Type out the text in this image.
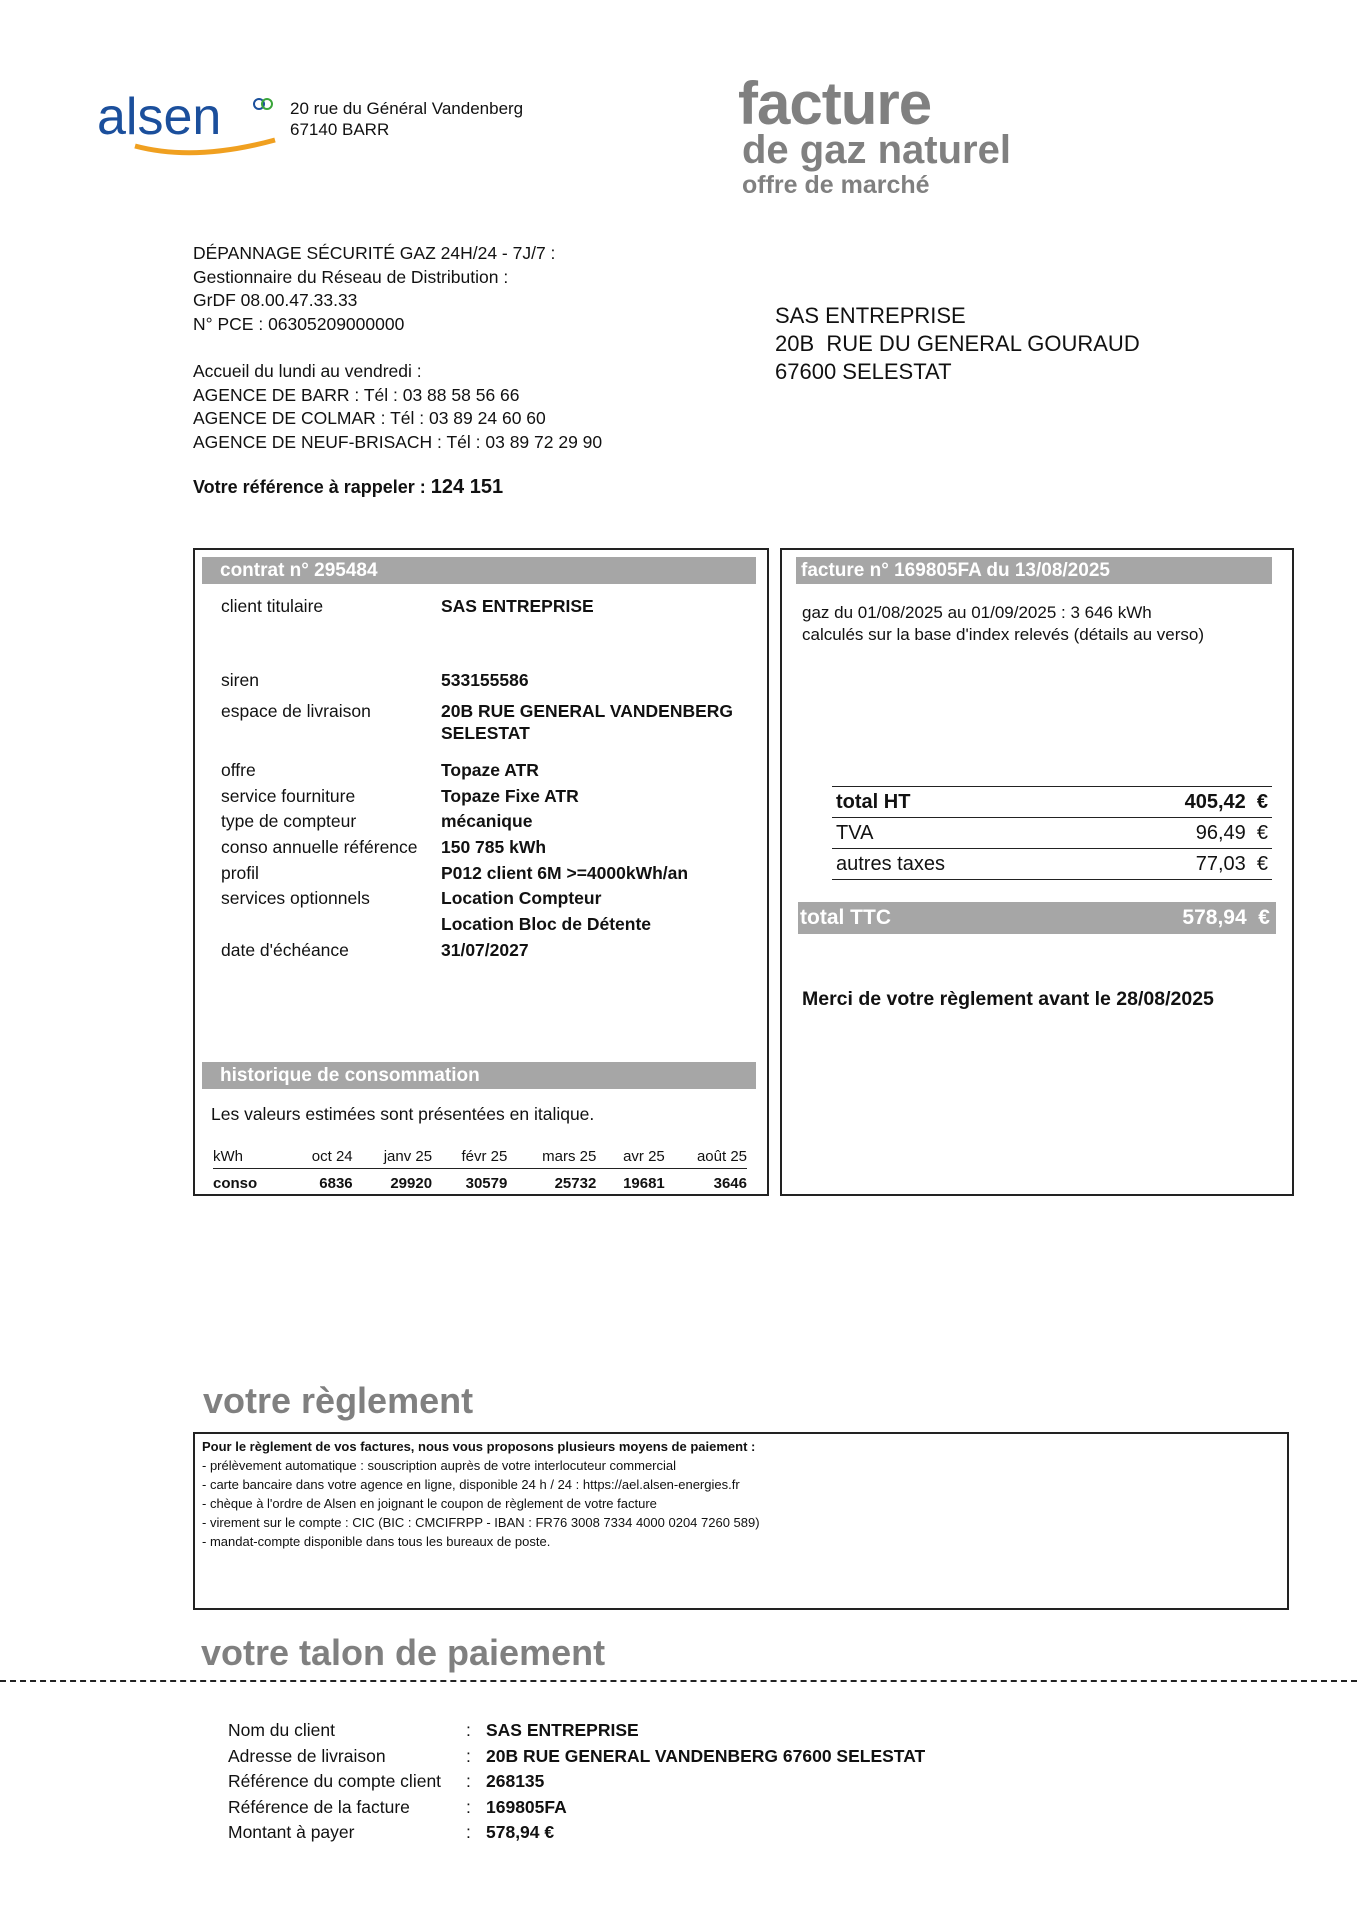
alsen	20 rue du Général Vandenberg
67140 BARR	facture
de gaz naturel
offre de marché
DÉPANNAGE SÉCURITÉ GAZ 24H/24 - 7J/7 :
Gestionnaire du Réseau de Distribution :
GrDF 08.00.47.33.33
N° PCE : 06305209000000
Accueil du lundi au vendredi :
AGENCE DE BARR : Tél : 03 88 58 56 66
AGENCE DE COLMAR : Tél : 03 89 24 60 60
AGENCE DE NEUF-BRISACH : Tél : 03 89 72 29 90
SAS ENTREPRISE
20B  RUE DU GENERAL GOURAUD
67600 SELESTAT
Votre référence à rappeler : 124 151
contrat n° 295484
client titulaire	SAS ENTREPRISE
siren	533155586
espace de livraison	20B RUE GENERAL VANDENBERG
SELESTAT
offre	Topaze ATR
service fourniture	Topaze Fixe ATR
type de compteur	mécanique
conso annuelle référence 150 785 kWh
profil	P012 client 6M >=4000kWh/an
services optionnels	Location Compteur
Location Bloc de Détente
date d'échéance	31/07/2027
historique de consommation
Les valeurs estimées sont présentées en italique.
kWh	oct 24	janv 25	févr 25	mars 25	avr 25	août 25
conso	6836	29920	30579	25732	19681	3646
facture n° 169805FA du 13/08/2025
gaz du 01/08/2025 au 01/09/2025 : 3 646 kWh
calculés sur la base d'index relevés (détails au verso)
total HT	405,42  €
TVA	96,49  €
autres taxes	77,03  €
total TTC	578,94  €
Merci de votre règlement avant le 28/08/2025
votre règlement
Pour le règlement de vos factures, nous vous proposons plusieurs moyens de paiement :
- prélèvement automatique : souscription auprès de votre interlocuteur commercial
- carte bancaire dans votre agence en ligne, disponible 24 h / 24 : https://ael.alsen-energies.fr
- chèque à l'ordre de Alsen en joignant le coupon de règlement de votre facture
- virement sur le compte : CIC (BIC : CMCIFRPP - IBAN : FR76 3008 7334 4000 0204 7260 589)
- mandat-compte disponible dans tous les bureaux de poste.
votre talon de paiement
Nom du client	: SAS ENTREPRISE
Adresse de livraison	: 20B RUE GENERAL VANDENBERG 67600 SELESTAT
Référence du compte client : 268135
Référence de la facture	: 169805FA
Montant à payer	: 578,94 €
